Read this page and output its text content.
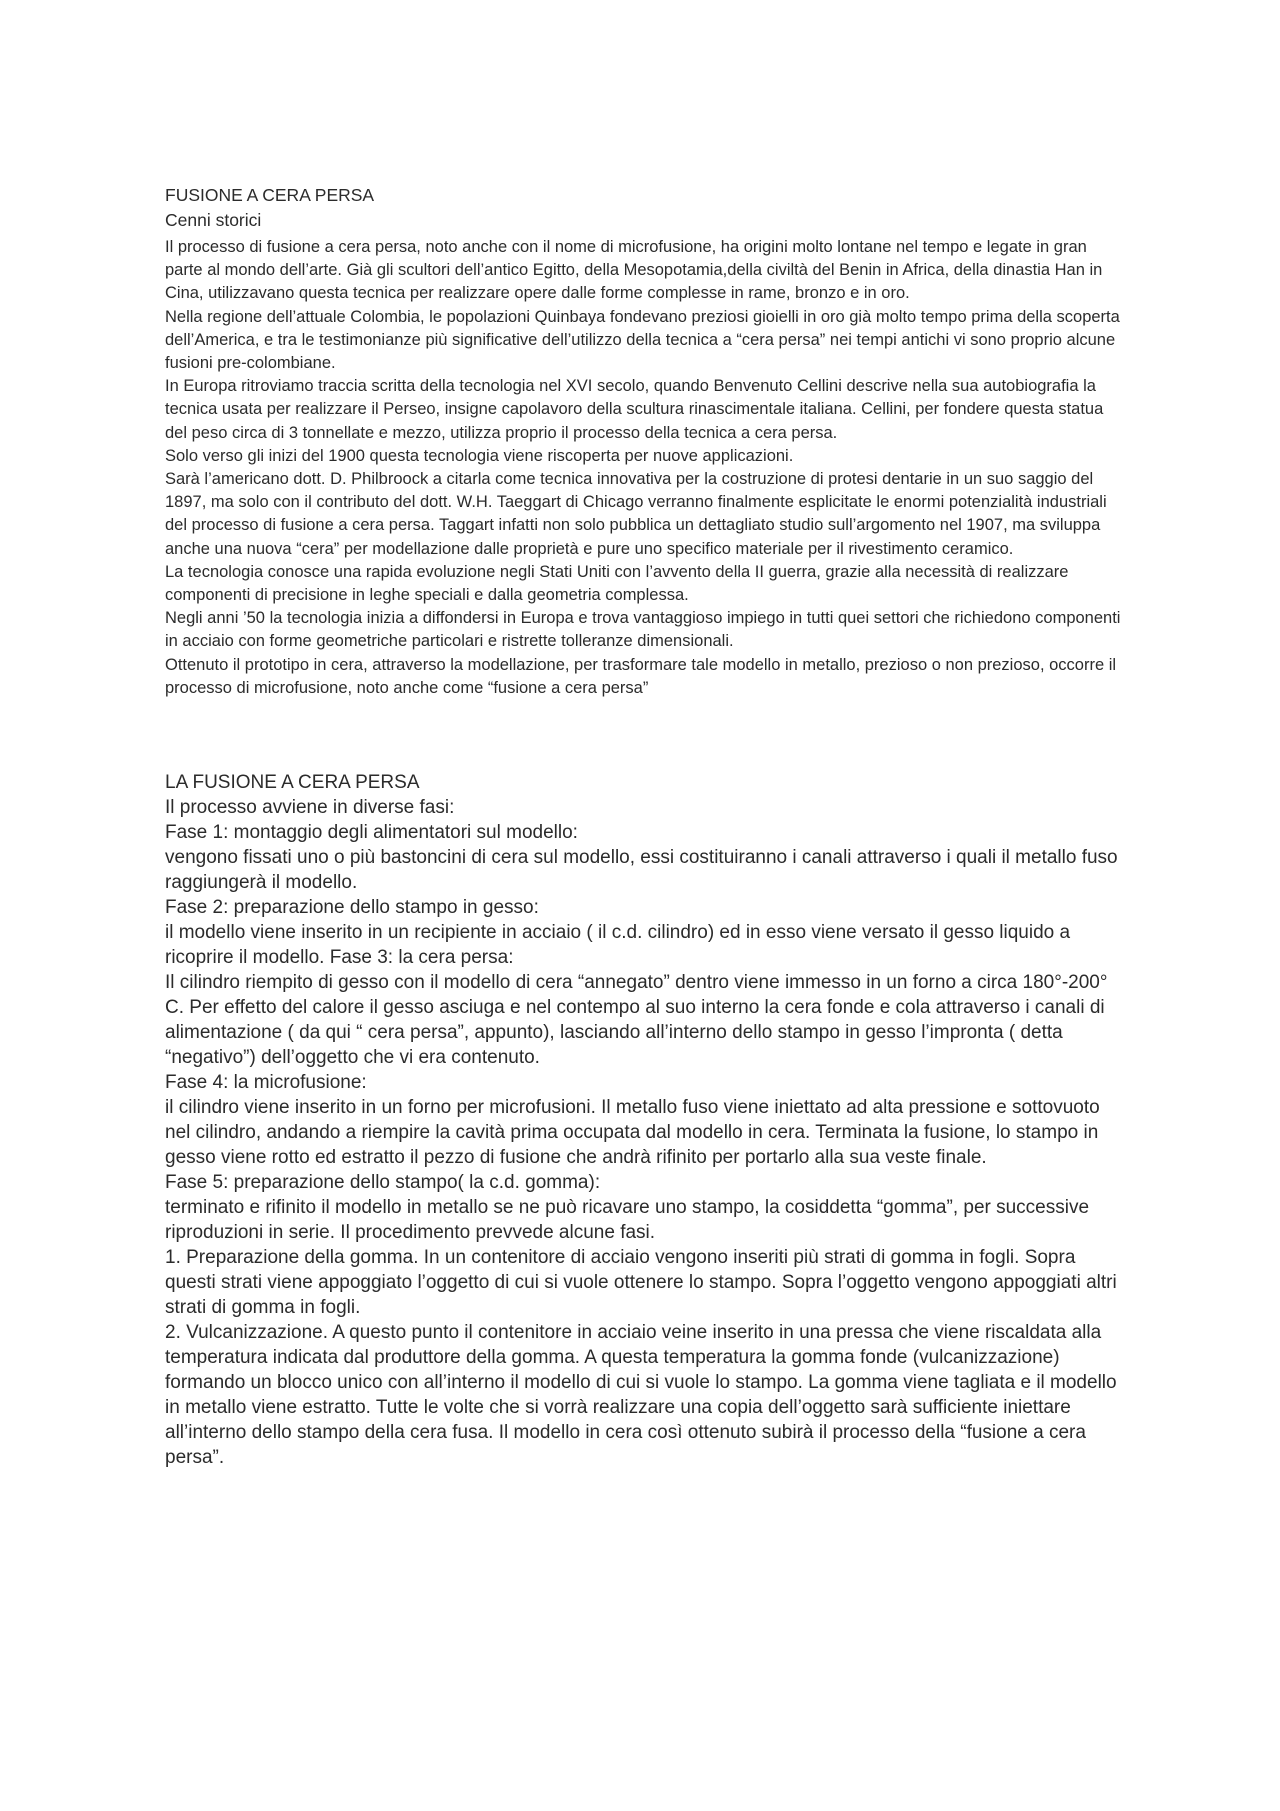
FUSIONE A CERA PERSA

Cenni storici

Il processo di fusione a cera persa, noto anche con il nome di microfusione, ha origini molto lontane nel tempo e legate in gran parte al mondo dell’arte. Già gli scultori dell’antico Egitto, della Mesopotamia,della civiltà del Benin in Africa, della dinastia Han in Cina, utilizzavano questa tecnica per realizzare opere dalle forme complesse in rame, bronzo e in oro.

Nella regione dell’attuale Colombia, le popolazioni Quinbaya fondevano preziosi gioielli in oro già molto tempo prima della scoperta dell’America, e tra le testimonianze più significative dell’utilizzo della tecnica a “cera persa” nei tempi antichi vi sono proprio alcune fusioni pre-colombiane.

In Europa ritroviamo traccia scritta della tecnologia nel XVI secolo, quando Benvenuto Cellini descrive nella sua autobiografia la tecnica usata per realizzare il Perseo, insigne capolavoro della scultura rinascimentale italiana. Cellini, per fondere questa statua del peso circa di 3 tonnellate e mezzo, utilizza proprio il processo della tecnica a cera persa.

Solo verso gli inizi del 1900 questa tecnologia viene riscoperta per nuove applicazioni.

Sarà l’americano dott. D. Philbroock a citarla come tecnica innovativa per la costruzione di protesi dentarie in un suo saggio del 1897, ma solo con il contributo del dott. W.H. Taeggart di Chicago verranno finalmente esplicitate le enormi potenzialità industriali del processo di fusione a cera persa. Taggart infatti non solo pubblica un dettagliato studio sull’argomento nel 1907, ma sviluppa anche una nuova “cera” per modellazione dalle proprietà e pure uno specifico materiale per il rivestimento ceramico.

La tecnologia conosce una rapida evoluzione negli Stati Uniti con l’avvento della II guerra, grazie alla necessità di realizzare componenti di precisione in leghe speciali e dalla geometria complessa.

Negli anni ’50 la tecnologia inizia a diffondersi in Europa e trova vantaggioso impiego in tutti quei settori che richiedono componenti in acciaio con forme geometriche particolari e ristrette tolleranze dimensionali.

Ottenuto il prototipo in cera, attraverso la modellazione, per trasformare tale modello in metallo, prezioso o non prezioso, occorre il processo di microfusione, noto anche come “fusione a cera persa”

LA FUSIONE A CERA PERSA

Il processo avviene in diverse fasi:

Fase 1: montaggio degli alimentatori sul modello:

vengono fissati uno o più bastoncini di cera sul modello, essi costituiranno i canali attraverso i quali il metallo fuso raggiungerà il modello.

Fase 2: preparazione dello stampo in gesso:

il modello viene inserito in un recipiente in acciaio ( il c.d. cilindro) ed in esso viene versato il gesso liquido a

ricoprire il modello. Fase 3: la cera persa:

Il cilindro riempito di gesso con il modello di cera “annegato” dentro viene immesso in un forno a circa 180°-200° C. Per effetto del calore il gesso asciuga e nel contempo al suo interno la cera fonde e cola attraverso i canali di alimentazione ( da qui “ cera persa”, appunto), lasciando all’interno dello stampo in gesso l’impronta ( detta “negativo”) dell’oggetto che vi era contenuto.

Fase 4: la microfusione:

il cilindro viene inserito in un forno per microfusioni. Il metallo fuso viene iniettato ad alta pressione e sottovuoto nel cilindro, andando a riempire la cavità prima occupata dal modello in cera. Terminata la fusione, lo stampo in gesso viene rotto ed estratto il pezzo di fusione che andrà rifinito per portarlo alla sua veste finale.

Fase 5: preparazione dello stampo( la c.d. gomma):

terminato e rifinito il modello in metallo se ne può ricavare uno stampo, la cosiddetta “gomma”, per successive riproduzioni in serie. Il procedimento prevvede alcune fasi.

1. Preparazione della gomma. In un contenitore di acciaio vengono inseriti più strati di gomma in fogli. Sopra questi strati viene appoggiato l’oggetto di cui si vuole ottenere lo stampo. Sopra l’oggetto vengono appoggiati altri strati di gomma in fogli.

2. Vulcanizzazione. A questo punto il contenitore in acciaio veine inserito in una pressa che viene riscaldata alla temperatura indicata dal produttore della gomma. A questa temperatura la gomma fonde (vulcanizzazione) formando un blocco unico con all’interno il modello di cui si vuole lo stampo. La gomma viene tagliata e il modello in metallo viene estratto. Tutte le volte che si vorrà realizzare una copia dell’oggetto sarà sufficiente iniettare all’interno dello stampo della cera fusa. Il modello in cera così ottenuto subirà il processo della “fusione a cera persa”.
